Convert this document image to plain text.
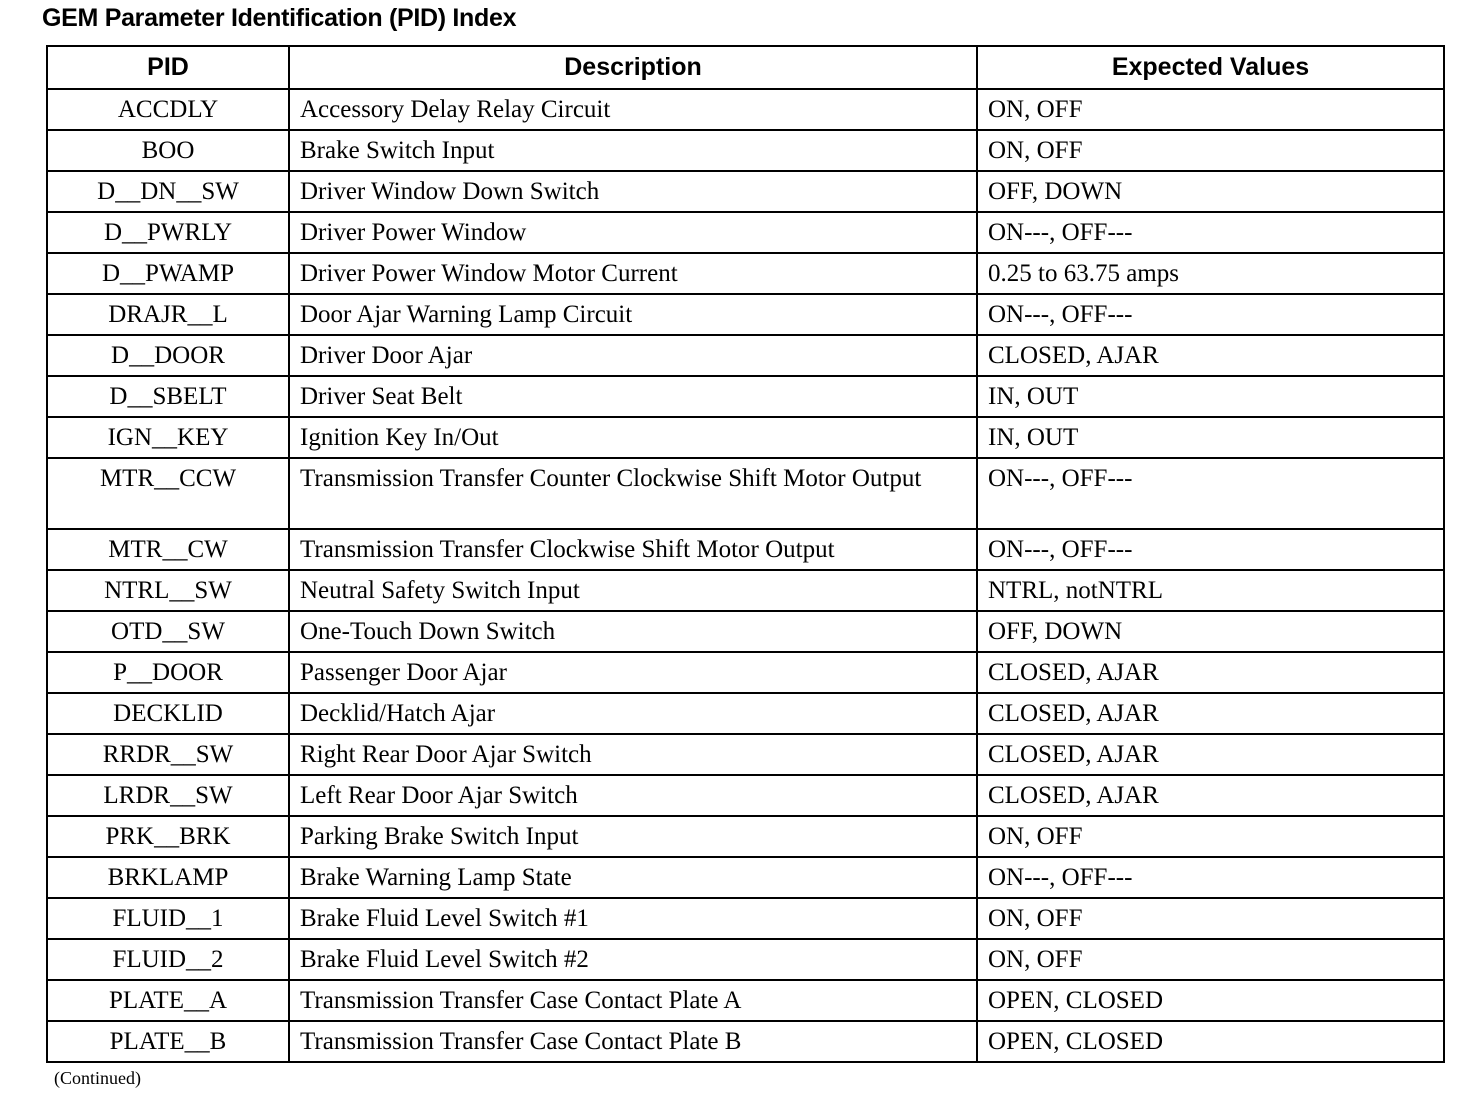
GEM Parameter Identification (PID) Index
PID	Description	Expected Values
ACCDLY	Accessory Delay Relay Circuit	ON, OFF
BOO	Brake Switch Input	ON, OFF
D__DN__SW	Driver Window Down Switch	OFF, DOWN
D__PWRLY	Driver Power Window	ON---, OFF---
D__PWAMP	Driver Power Window Motor Current	0.25 to 63.75 amps
DRAJR__L	Door Ajar Warning Lamp Circuit	ON---, OFF---
D__DOOR	Driver Door Ajar	CLOSED, AJAR
D__SBELT	Driver Seat Belt	IN, OUT
IGN__KEY	Ignition Key In/Out	IN, OUT
MTR__CCW	Transmission Transfer Counter Clockwise Shift Motor Output	ON---, OFF---
MTR__CW	Transmission Transfer Clockwise Shift Motor Output	ON---, OFF---
NTRL__SW	Neutral Safety Switch Input	NTRL, notNTRL
OTD__SW	One-Touch Down Switch	OFF, DOWN
P__DOOR	Passenger Door Ajar	CLOSED, AJAR
DECKLID	Decklid/Hatch Ajar	CLOSED, AJAR
RRDR__SW	Right Rear Door Ajar Switch	CLOSED, AJAR
LRDR__SW	Left Rear Door Ajar Switch	CLOSED, AJAR
PRK__BRK	Parking Brake Switch Input	ON, OFF
BRKLAMP	Brake Warning Lamp State	ON---, OFF---
FLUID__1	Brake Fluid Level Switch #1	ON, OFF
FLUID__2	Brake Fluid Level Switch #2	ON, OFF
PLATE__A	Transmission Transfer Case Contact Plate A	OPEN, CLOSED
PLATE__B	Transmission Transfer Case Contact Plate B	OPEN, CLOSED
(Continued)
